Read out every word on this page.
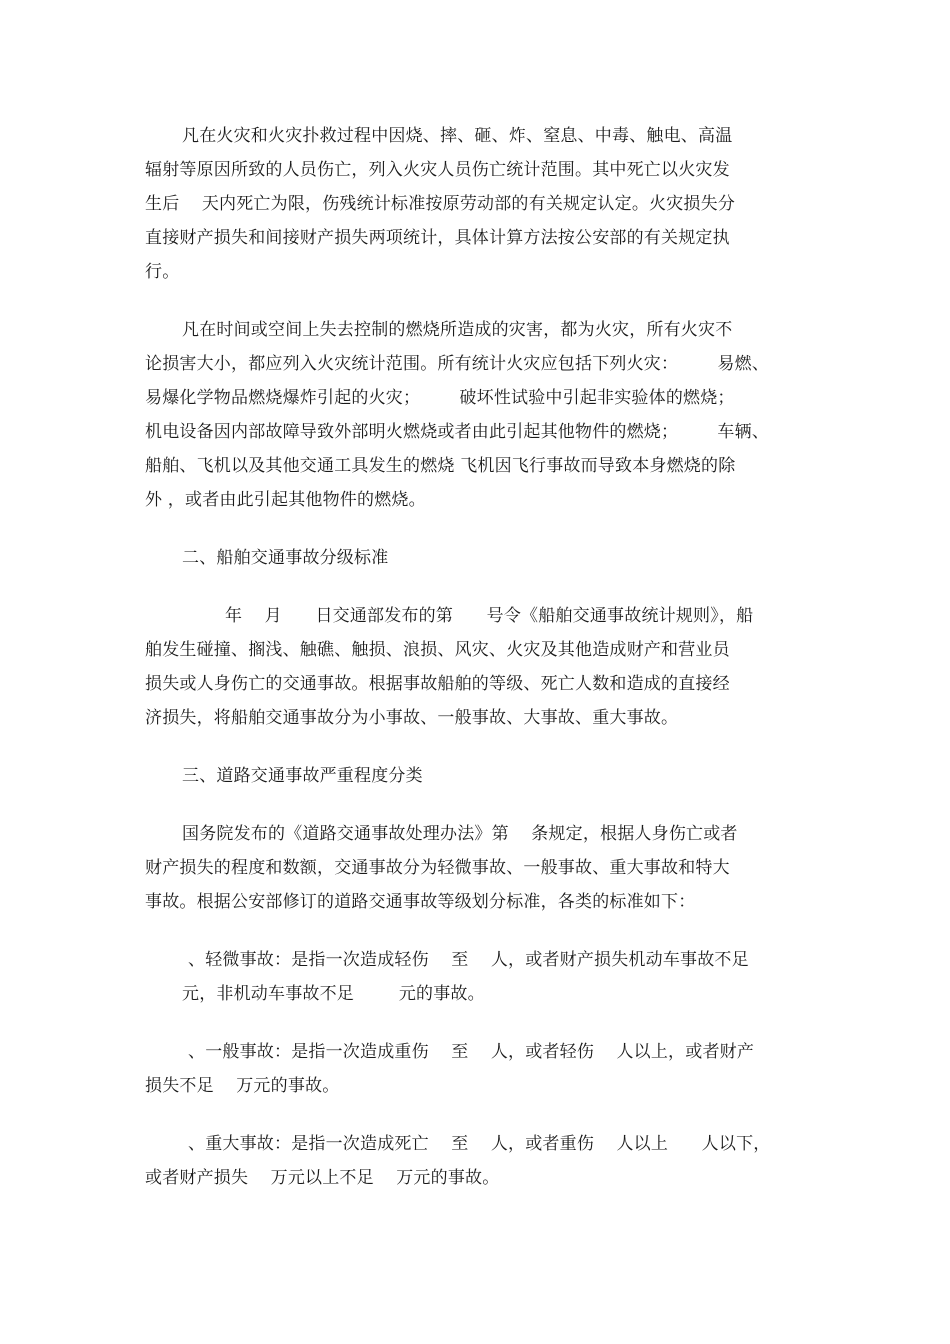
凡在火灾和火灾扑救过程中因烧、摔、砸、炸、窒息、中毒、触电、高温

辐射等原因所致的人员伤亡，列入火灾人员伤亡统计范围。其中死亡以火灾发

生后    天内死亡为限，伤残统计标准按原劳动部的有关规定认定。火灾损失分

直接财产损失和间接财产损失两项统计，具体计算方法按公安部的有关规定执

行。

凡在时间或空间上失去控制的燃烧所造成的灾害，都为火灾，所有火灾不

论损害大小，都应列入火灾统计范围。所有统计火灾应包括下列火灾：       易燃、

易爆化学物品燃烧爆炸引起的火灾；       破坏性试验中引起非实验体的燃烧；

机电设备因内部故障导致外部明火燃烧或者由此引起其他物件的燃烧；       车辆、

船舶、飞机以及其他交通工具发生的燃烧 飞机因飞行事故而导致本身燃烧的除

外 ，或者由此引起其他物件的燃烧。

二、船舶交通事故分级标准

年    月      日交通部发布的第      号令《船舶交通事故统计规则》，船

舶发生碰撞、搁浅、触礁、触损、浪损、风灾、火灾及其他造成财产和营业员

损失或人身伤亡的交通事故。根据事故船舶的等级、死亡人数和造成的直接经

济损失，将船舶交通事故分为小事故、一般事故、大事故、重大事故。

三、道路交通事故严重程度分类

国务院发布的《道路交通事故处理办法》第    条规定，根据人身伤亡或者

财产损失的程度和数额，交通事故分为轻微事故、一般事故、重大事故和特大

事故。根据公安部修订的道路交通事故等级划分标准，各类的标准如下：

、轻微事故：是指一次造成轻伤    至    人，或者财产损失机动车事故不足

元，非机动车事故不足        元的事故。

、一般事故：是指一次造成重伤    至    人，或者轻伤    人以上，或者财产

损失不足    万元的事故。

、重大事故：是指一次造成死亡    至    人，或者重伤    人以上      人以下，

或者财产损失    万元以上不足    万元的事故。
